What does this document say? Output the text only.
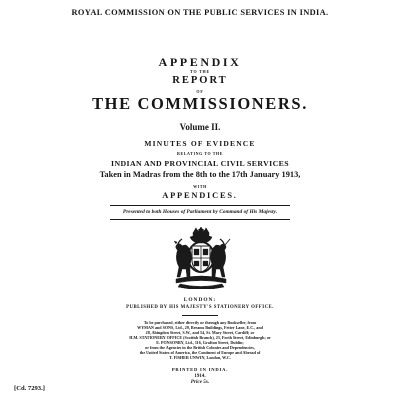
ROYAL COMMISSION ON THE PUBLIC SERVICES IN INDIA.
APPENDIX
TO THE
REPORT
OF
THE COMMISSIONERS.
Volume II.
MINUTES OF EVIDENCE
RELATING TO THE
INDIAN AND PROVINCIAL CIVIL SERVICES
Taken in Madras from the 8th to the 17th January 1913,
WITH
APPENDICES.
Presented to both Houses of Parliament by Command of His Majesty.
LONDON:
PUBLISHED BY HIS MAJESTY'S STATIONERY OFFICE.
To be purchased, either directly or through any Bookseller, from
WYMAN and SONS, Ltd., 29, Breams Buildings, Fetter Lane, E.C., and
28, Abingdon Street, S.W., and 54, St. Mary Street, Cardiff; or
H.M. STATIONERY OFFICE (Scottish Branch), 23, Forth Street, Edinburgh; or
E. PONSONBY, Ltd., 116, Grafton Street, Dublin;
or from the Agencies in the British Colonies and Dependencies,
the United States of America, the Continent of Europe and Abroad of
T. FISHER UNWIN, London, W.C.
PRINTED IN INDIA.
1914.
Price 5s.
[Cd. 7293.]
